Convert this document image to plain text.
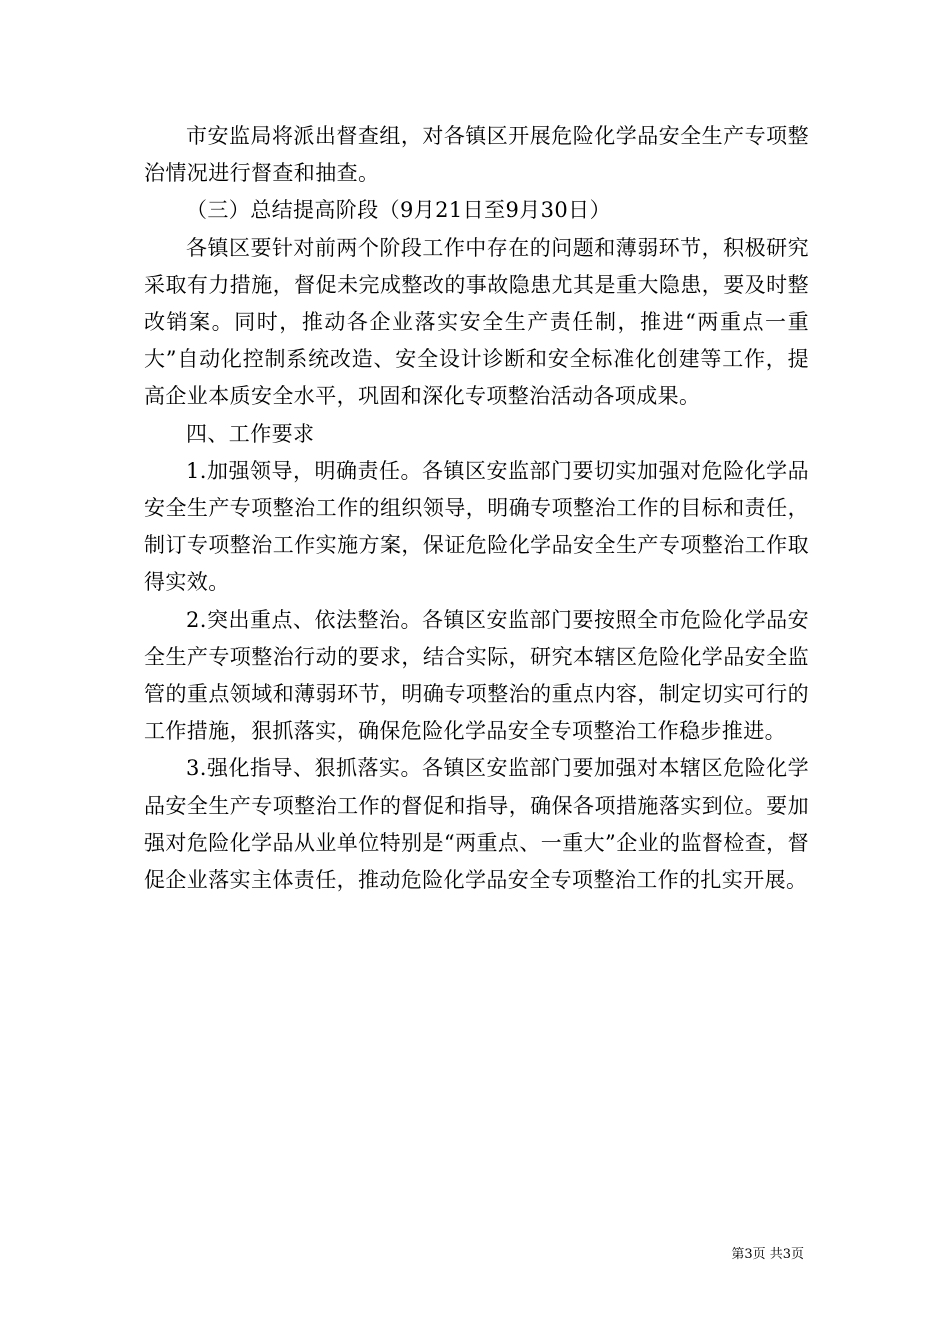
市安监局将派出督查组，对各镇区开展危险化学品安全生产专项整治情况进行督查和抽查。

（三）总结提高阶段（9月21日至9月30日）

各镇区要针对前两个阶段工作中存在的问题和薄弱环节，积极研究采取有力措施，督促未完成整改的事故隐患尤其是重大隐患，要及时整改销案。同时，推动各企业落实安全生产责任制，推进“两重点一重大”自动化控制系统改造、安全设计诊断和安全标准化创建等工作，提高企业本质安全水平，巩固和深化专项整治活动各项成果。

四、工作要求

1.加强领导，明确责任。各镇区安监部门要切实加强对危险化学品安全生产专项整治工作的组织领导，明确专项整治工作的目标和责任，制订专项整治工作实施方案，保证危险化学品安全生产专项整治工作取得实效。

2.突出重点、依法整治。各镇区安监部门要按照全市危险化学品安全生产专项整治行动的要求，结合实际，研究本辖区危险化学品安全监管的重点领域和薄弱环节，明确专项整治的重点内容，制定切实可行的工作措施，狠抓落实，确保危险化学品安全专项整治工作稳步推进。

3.强化指导、狠抓落实。各镇区安监部门要加强对本辖区危险化学品安全生产专项整治工作的督促和指导，确保各项措施落实到位。要加强对危险化学品从业单位特别是“两重点、一重大”企业的监督检查，督促企业落实主体责任，推动危险化学品安全专项整治工作的扎实开展。

第3页 共3页
